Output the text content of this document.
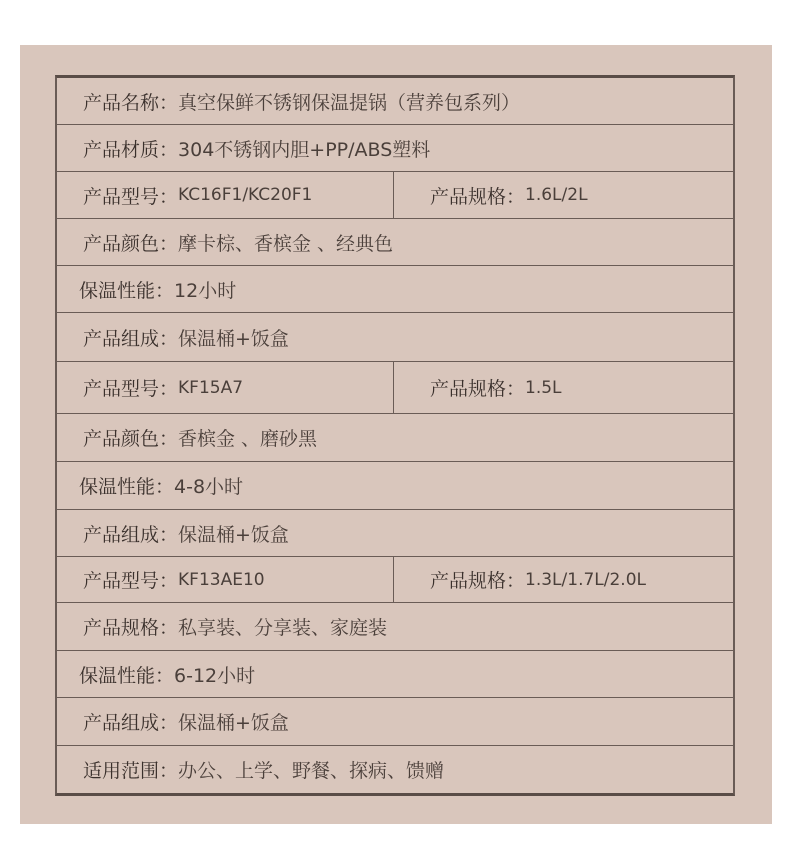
产品名称： 真空保鲜不锈钢保温提锅（营养包系列）
产品材质： 304不锈钢内胆+PP/ABS塑料
产品型号： KC16F1/KC20F1	产品规格： 1.6L/2L
产品颜色： 摩卡棕、香槟金 、经典色
保温性能： 12小时
产品组成： 保温桶+饭盒
产品型号： KF15A7	产品规格： 1.5L
产品颜色： 香槟金 、磨砂黑
保温性能： 4-8小时
产品组成： 保温桶+饭盒
产品型号： KF13AE10	产品规格： 1.3L/1.7L/2.0L
产品规格： 私享装、分享装、家庭装
保温性能： 6-12小时
产品组成： 保温桶+饭盒
适用范围： 办公、上学、野餐、探病、馈赠
